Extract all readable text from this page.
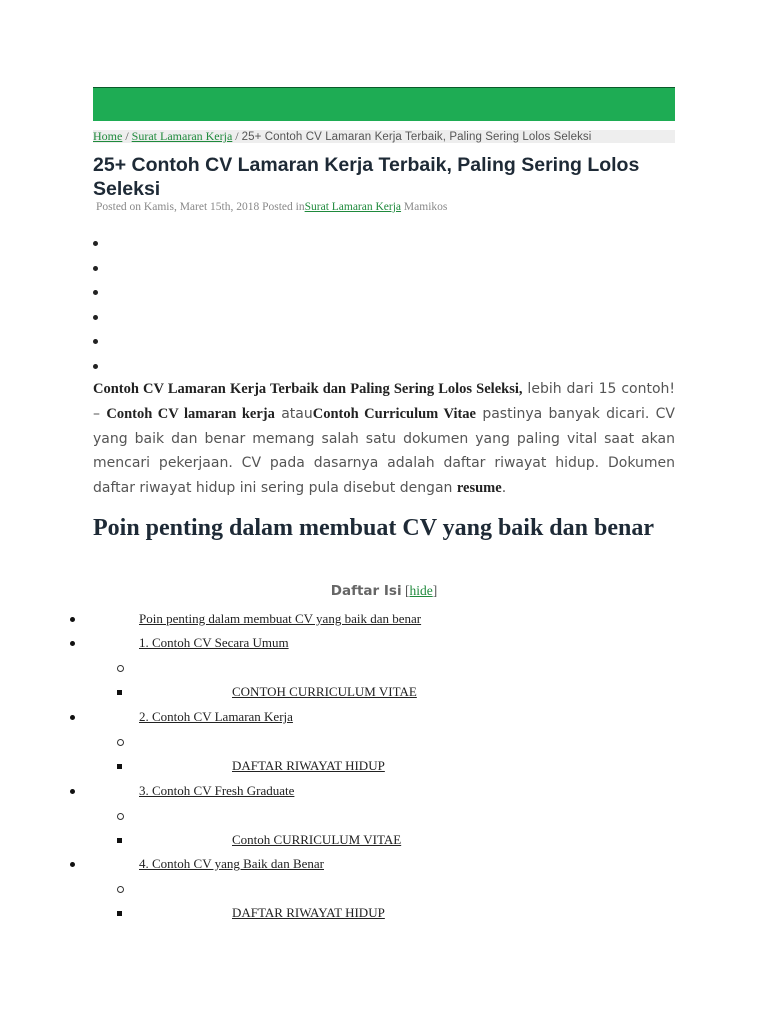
Home / Surat Lamaran Kerja / 25+ Contoh CV Lamaran Kerja Terbaik, Paling Sering Lolos Seleksi
25+ Contoh CV Lamaran Kerja Terbaik, Paling Sering Lolos Seleksi
Posted on Kamis, Maret 15th, 2018 Posted inSurat Lamaran Kerja Mamikos

Contoh CV Lamaran Kerja Terbaik dan Paling Sering Lolos Seleksi, lebih dari 15 contoh! – Contoh CV lamaran kerja atauContoh Curriculum Vitae pastinya banyak dicari. CV yang baik dan benar memang salah satu dokumen yang paling vital saat akan mencari pekerjaan. CV pada dasarnya adalah daftar riwayat hidup. Dokumen daftar riwayat hidup ini sering pula disebut dengan resume.

Poin penting dalam membuat CV yang baik dan benar
Daftar Isi [hide]
Poin penting dalam membuat CV yang baik dan benar
1. Contoh CV Secara Umum
CONTOH CURRICULUM VITAE
2. Contoh CV Lamaran Kerja
DAFTAR RIWAYAT HIDUP
3. Contoh CV Fresh Graduate
Contoh CURRICULUM VITAE
4. Contoh CV yang Baik dan Benar
DAFTAR RIWAYAT HIDUP
